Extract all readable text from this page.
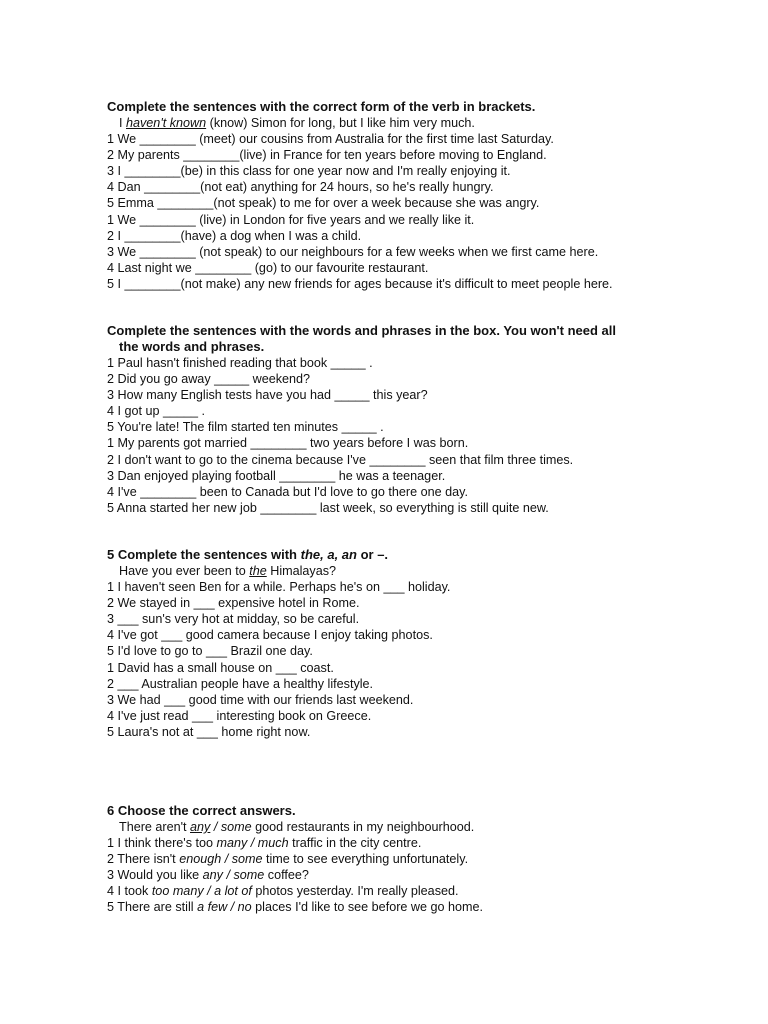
Complete the sentences with the correct form of the verb in brackets.

I haven't known (know) Simon for long, but I like him very much.

1 We ________ (meet) our cousins from Australia for the first time last Saturday.

2 My parents ________(live) in France for ten years before moving to England.

3 I ________(be) in this class for one year now and I'm really enjoying it.

4 Dan ________(not eat) anything for 24 hours, so he's really hungry.

5 Emma ________(not speak) to me for over a week because she was angry.

1 We ________ (live) in London for five years and we really like it.

2 I ________(have) a dog when I was a child.

3 We ________ (not speak) to our neighbours for a few weeks when we first came here.

4 Last night we ________ (go) to our favourite restaurant.

5 I ________(not make) any new friends for ages because it's difficult to meet people here.

Complete the sentences with the words and phrases in the box. You won't need all
the words and phrases.

1 Paul hasn't finished reading that book _____ .

2 Did you go away _____ weekend?

3 How many English tests have you had _____ this year?

4 I got up _____ .

5 You're late! The film started ten minutes _____ .

1 My parents got married ________ two years before I was born.

2 I don't want to go to the cinema because I've ________ seen that film three times.

3 Dan enjoyed playing football ________ he was a teenager.

4 I've ________ been to Canada but I'd love to go there one day.

5 Anna started her new job ________ last week, so everything is still quite new.

5 Complete the sentences with the, a, an or –.

Have you ever been to the Himalayas?

1 I haven't seen Ben for a while. Perhaps he's on ___ holiday.

2 We stayed in ___ expensive hotel in Rome.

3 ___ sun's very hot at midday, so be careful.

4 I've got ___ good camera because I enjoy taking photos.

5 I'd love to go to ___ Brazil one day.

1 David has a small house on ___ coast.

2 ___ Australian people have a healthy lifestyle.

3 We had ___ good time with our friends last weekend.

4 I've just read ___ interesting book on Greece.

5 Laura's not at ___ home right now.

6 Choose the correct answers.

There aren't any / some good restaurants in my neighbourhood.

1 I think there's too many / much traffic in the city centre.

2 There isn't enough / some time to see everything unfortunately.

3 Would you like any / some coffee?

4 I took too many / a lot of photos yesterday. I'm really pleased.

5 There are still a few / no places I'd like to see before we go home.
